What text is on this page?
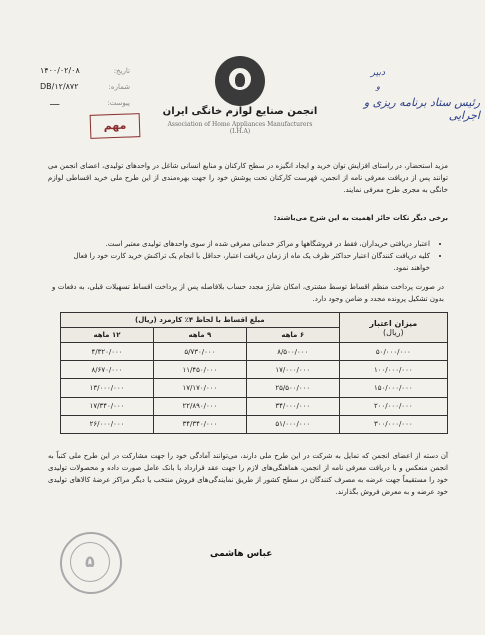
تاریخ:
۱۴۰۰/۰۲/۰۸
شماره:
DB/۱۲/۸۷۲
پیوست:
ــــ
مهم
انجمن صنایع لوازم خانگی ایران
Association of Home Appliances Manufacturers (I.H.A)
دبیر
و
رئیس ستاد برنامه ریزی و اجرایی
مزید استحضار، در راستای افزایش توان خرید و ایجاد انگیزه در سطح کارکنان و منابع انسانی شاغل در واحدهای تولیدی، اعضای انجمن می توانند پس از دریافت معرفی نامه از انجمن، فهرست کارکنان تحت پوشش خود را جهت بهره‌مندی از این طرح ملی خرید اقساطی لوازم خانگی به مجری طرح معرفی نمایند.
برخی دیگر نکات حائز اهمیت به این شرح می‌باشند:
• اعتبار دریافتی خریداران، فقط در فروشگاهها و مراکز خدماتی معرفی شده از سوی واحدهای تولیدی معتبر است.
• کلیه دریافت کنندگان اعتبار حداکثر ظرف یک ماه از زمان دریافت اعتبار، حداقل با انجام یک تراکنش خرید کارت خود را فعال خواهند نمود.
در صورت پرداخت منظم اقساط توسط مشتری، امکان شارژ مجدد حساب بلافاصله پس از پرداخت اقساط تسهیلات قبلی، به دفعات و بدون تشکیل پرونده مجدد و ضامن وجود دارد.
میزان اعتبار
(ریال)	مبلغ اقساط با لحاظ ۴٪ کارمزد (ریال)		
	۶ ماهه	۹ ماهه	۱۲ ماهه
۵۰/۰۰۰/۰۰۰	۸/۵۰۰/۰۰۰	۵/۷۳۰/۰۰۰	۴/۳۲۰/۰۰۰
۱۰۰/۰۰۰/۰۰۰	۱۷/۰۰۰/۰۰۰	۱۱/۴۵۰/۰۰۰	۸/۶۷۰/۰۰۰
۱۵۰/۰۰۰/۰۰۰	۲۵/۵۰۰/۰۰۰	۱۷/۱۷۰/۰۰۰	۱۳/۰۰۰/۰۰۰
۲۰۰/۰۰۰/۰۰۰	۳۴/۰۰۰/۰۰۰	۲۲/۸۹۰/۰۰۰	۱۷/۳۴۰/۰۰۰
۳۰۰/۰۰۰/۰۰۰	۵۱/۰۰۰/۰۰۰	۳۴/۳۴۰/۰۰۰	۲۶/۰۰۰/۰۰۰
آن دسته از اعضای انجمن که تمایل به شرکت در این طرح ملی دارند، می‌توانند آمادگی خود را جهت مشارکت در این طرح ملی کتباً به انجمن منعکس و با دریافت معرفی نامه از انجمن، هماهنگی‌های لازم را جهت عقد قرارداد با بانک عامل صورت داده و محصولات تولیدی خود را مستقیماً جهت عرضه به مصرف کنندگان در سطح کشور از طریق نمایندگی‌های فروش منتخب یا دیگر مراکز عرضهٔ کالاهای تولیدی خود عرضه و به معرض فروش بگذارند.
۵	عباس هاشمی
